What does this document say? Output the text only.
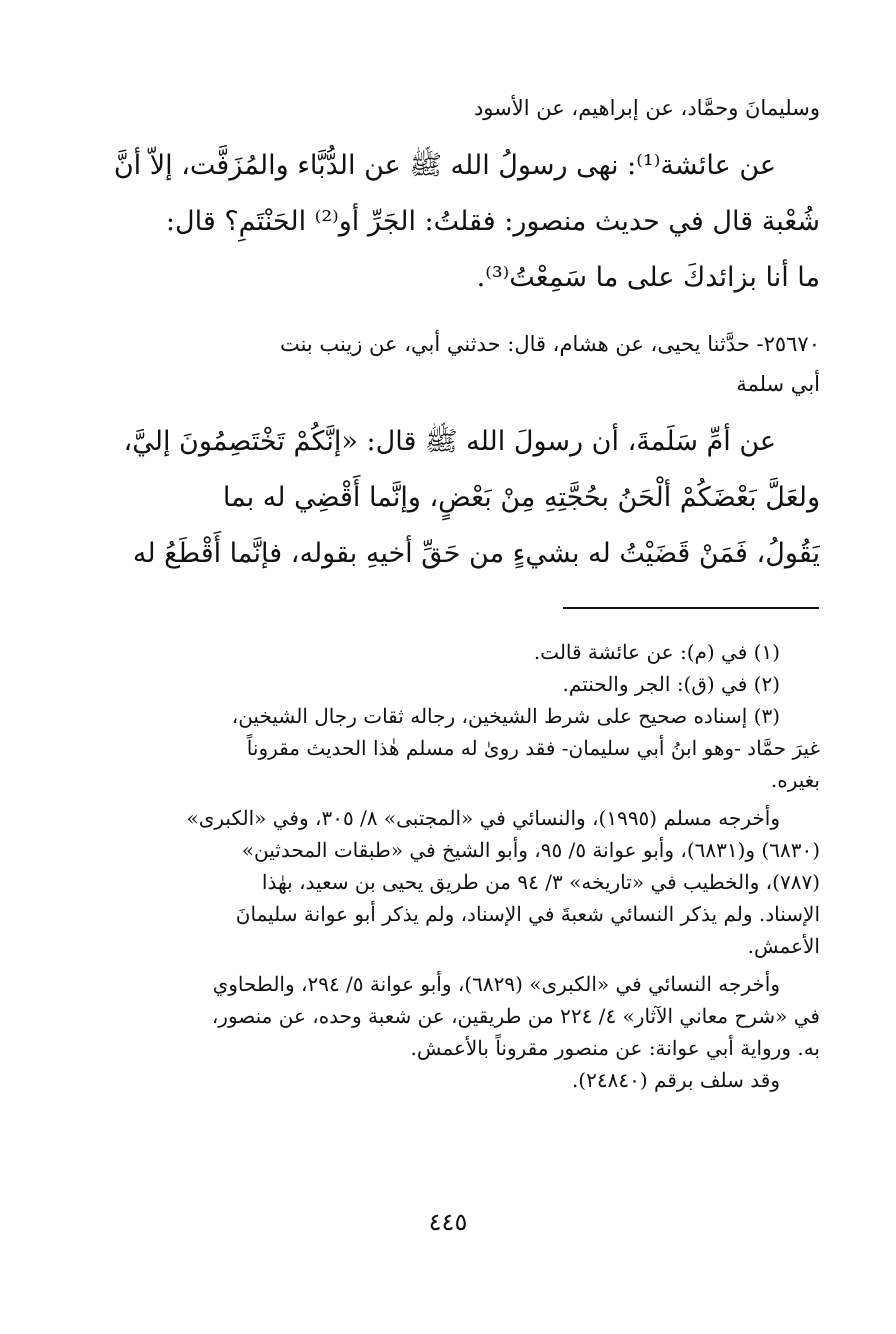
وسليمانَ وحمَّاد، عن إبراهيم، عن الأسود
عن عائشة⁽¹⁾: نهى رسولُ الله ﷺ عن الدُّبَّاء والمُزَفَّت، إلاّ أنَّ
شُعْبة قال في حديث منصور: فقلتُ: الجَرِّ أو⁽²⁾ الحَنْتَمِ؟ قال:
ما أنا بزائدكَ على ما سَمِعْتُ⁽³⁾.
٢٥٦٧٠- حدَّثنا يحيى، عن هشام، قال: حدثني أبي، عن زينب بنت
أبي سلمة
عن أمِّ سَلَمةَ، أن رسولَ الله ﷺ قال: «إنَّكُمْ تَخْتَصِمُونَ إليَّ،
ولعَلَّ بَعْضَكُمْ ألْحَنُ بحُجَّتِهِ مِنْ بَعْضٍ، وإنَّما أَقْضِي له بما
يَقُولُ، فَمَنْ قَضَيْتُ له بشيءٍ من حَقِّ أخيهِ بقوله، فإنَّما أَقْطَعُ له
(١) في (م): عن عائشة قالت.
(٢) في (ق): الجر والحنتم.
(٣) إسناده صحيح على شرط الشيخين، رجاله ثقات رجال الشيخين،
غيرَ حمَّاد -وهو ابنُ أبي سليمان- فقد روىٰ له مسلم هٰذا الحديث مقروناً
بغيره.
وأخرجه مسلم (١٩٩٥)، والنسائي في «المجتبى» ٨/ ٣٠٥، وفي «الكبرى»
(٦٨٣٠) و(٦٨٣١)، وأبو عوانة ٥/ ٩٥، وأبو الشيخ في «طبقات المحدثين»
(٧٨٧)، والخطيب في «تاريخه» ٣/ ٩٤ من طريق يحيى بن سعيد، بهٰذا
الإسناد. ولم يذكر النسائي شعبةَ في الإسناد، ولم يذكر أبو عوانة سليمانَ
الأعمش.
وأخرجه النسائي في «الكبرى» (٦٨٢٩)، وأبو عوانة ٥/ ٢٩٤، والطحاوي
في «شرح معاني الآثار» ٤/ ٢٢٤ من طريقين، عن شعبة وحده، عن منصور،
به. ورواية أبي عوانة: عن منصور مقروناً بالأعمش.
وقد سلف برقم (٢٤٨٤٠).
٤٤٥
